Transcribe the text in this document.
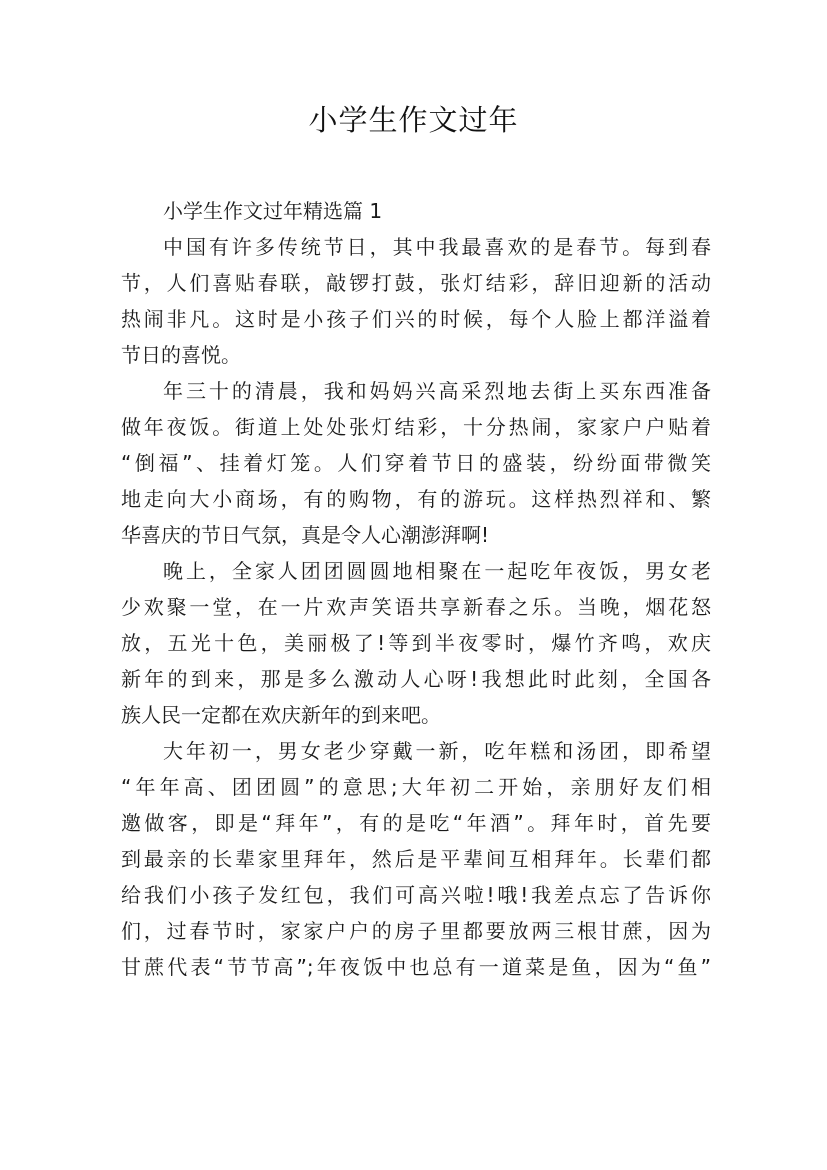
小学生作文过年

小学生作文过年精选篇 1

中国有许多传统节日，其中我最喜欢的是春节。每到春
节，人们喜贴春联，敲锣打鼓，张灯结彩，辞旧迎新的活动
热闹非凡。这时是小孩子们兴的时候，每个人脸上都洋溢着
节日的喜悦。
年三十的清晨，我和妈妈兴高采烈地去街上买东西准备
做年夜饭。街道上处处张灯结彩，十分热闹，家家户户贴着
“倒福”、挂着灯笼。人们穿着节日的盛装，纷纷面带微笑
地走向大小商场，有的购物，有的游玩。这样热烈祥和、繁
华喜庆的节日气氛，真是令人心潮澎湃啊!
晚上，全家人团团圆圆地相聚在一起吃年夜饭，男女老
少欢聚一堂，在一片欢声笑语共享新春之乐。当晚，烟花怒
放，五光十色，美丽极了!等到半夜零时，爆竹齐鸣，欢庆
新年的到来，那是多么激动人心呀!我想此时此刻，全国各
族人民一定都在欢庆新年的到来吧。
大年初一，男女老少穿戴一新，吃年糕和汤团，即希望
“年年高、团团圆”的意思;大年初二开始，亲朋好友们相
邀做客，即是“拜年”，有的是吃“年酒”。拜年时，首先要
到最亲的长辈家里拜年，然后是平辈间互相拜年。长辈们都
给我们小孩子发红包，我们可高兴啦!哦!我差点忘了告诉你
们，过春节时，家家户户的房子里都要放两三根甘蔗，因为
甘蔗代表“节节高”;年夜饭中也总有一道菜是鱼，因为“鱼”
